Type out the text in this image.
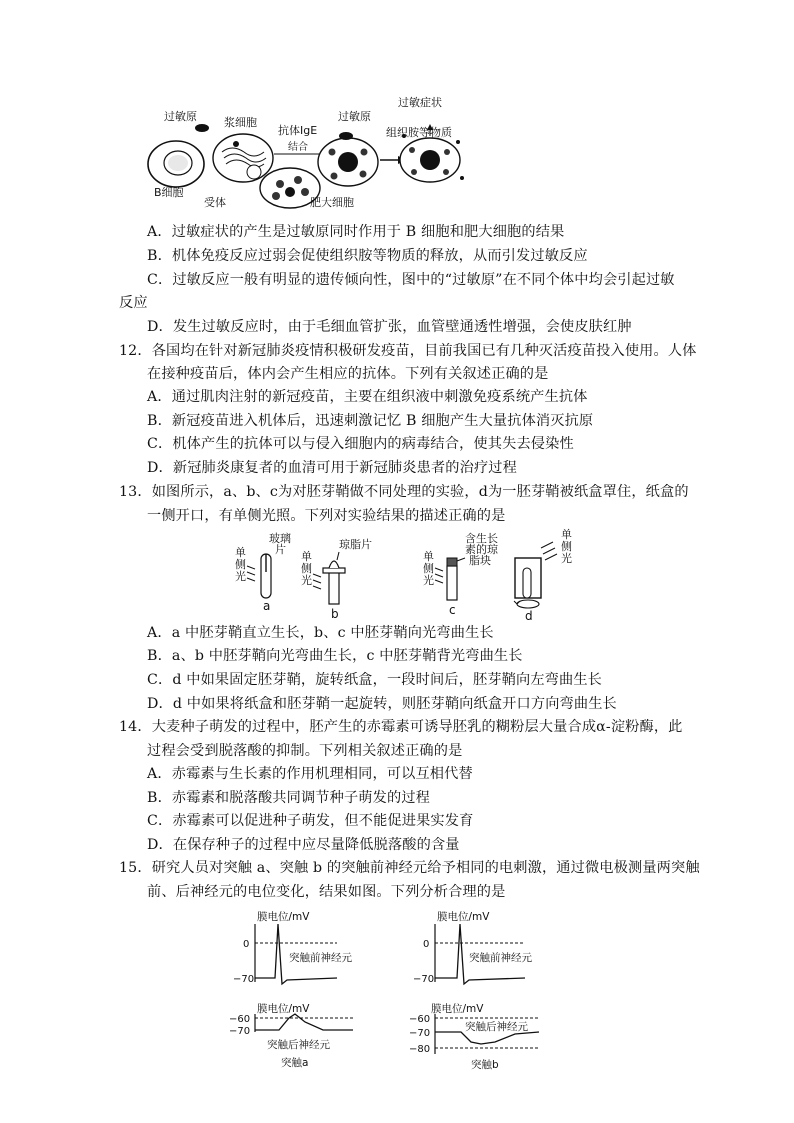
结合
过敏原 浆细胞
抗体IgE
过敏原
过敏症状
组织胺等物质
B细胞
受体	肥大细胞
A．过敏症状的产生是过敏原同时作用于 B 细胞和肥大细胞的结果
B．机体免疫反应过弱会促使组织胺等物质的释放，从而引发过敏反应
C．过敏反应一般有明显的遗传倾向性，图中的“过敏原”在不同个体中均会引起过敏
反应
D．发生过敏反应时，由于毛细血管扩张，血管壁通透性增强，会使皮肤红肿
12．各国均在针对新冠肺炎疫情积极研发疫苗，目前我国已有几种灭活疫苗投入使用。人体
在接种疫苗后，体内会产生相应的抗体。下列有关叙述正确的是
A．通过肌肉注射的新冠疫苗，主要在组织液中刺激免疫系统产生抗体
B．新冠疫苗进入机体后，迅速刺激记忆 B 细胞产生大量抗体消灭抗原
C．机体产生的抗体可以与侵入细胞内的病毒结合，使其失去侵染性
D．新冠肺炎康复者的血清可用于新冠肺炎患者的治疗过程
13．如图所示，a、b、c为对胚芽鞘做不同处理的实验，d为一胚芽鞘被纸盒罩住，纸盒的
一侧开口，有单侧光照。下列对实验结果的描述正确的是
单侧光
玻璃片
a
单侧光
琼脂片
b
单侧光
含生长素的琼脂块
c
单侧光
d
A．a 中胚芽鞘直立生长，b、c 中胚芽鞘向光弯曲生长
B．a、b 中胚芽鞘向光弯曲生长，c 中胚芽鞘背光弯曲生长
C．d 中如果固定胚芽鞘，旋转纸盒，一段时间后，胚芽鞘向左弯曲生长
D．d 中如果将纸盒和胚芽鞘一起旋转，则胚芽鞘向纸盒开口方向弯曲生长
14．大麦种子萌发的过程中，胚产生的赤霉素可诱导胚乳的糊粉层大量合成α-淀粉酶，此
过程会受到脱落酸的抑制。下列相关叙述正确的是
A．赤霉素与生长素的作用机理相同，可以互相代替
B．赤霉素和脱落酸共同调节种子萌发的过程
C．赤霉素可以促进种子萌发，但不能促进果实发育
D．在保存种子的过程中应尽量降低脱落酸的含量
15．研究人员对突触 a、突触 b 的突触前神经元给予相同的电刺激，通过微电极测量两突触
前、后神经元的电位变化，结果如图。下列分析合理的是
膜电位/mV
0
−70
突触前神经元
膜电位/mV
−60
−70
突触后神经元
突触a
膜电位/mV
0
−70
突触前神经元
膜电位/mV
−60
−70
−80
突触后神经元
突触b
